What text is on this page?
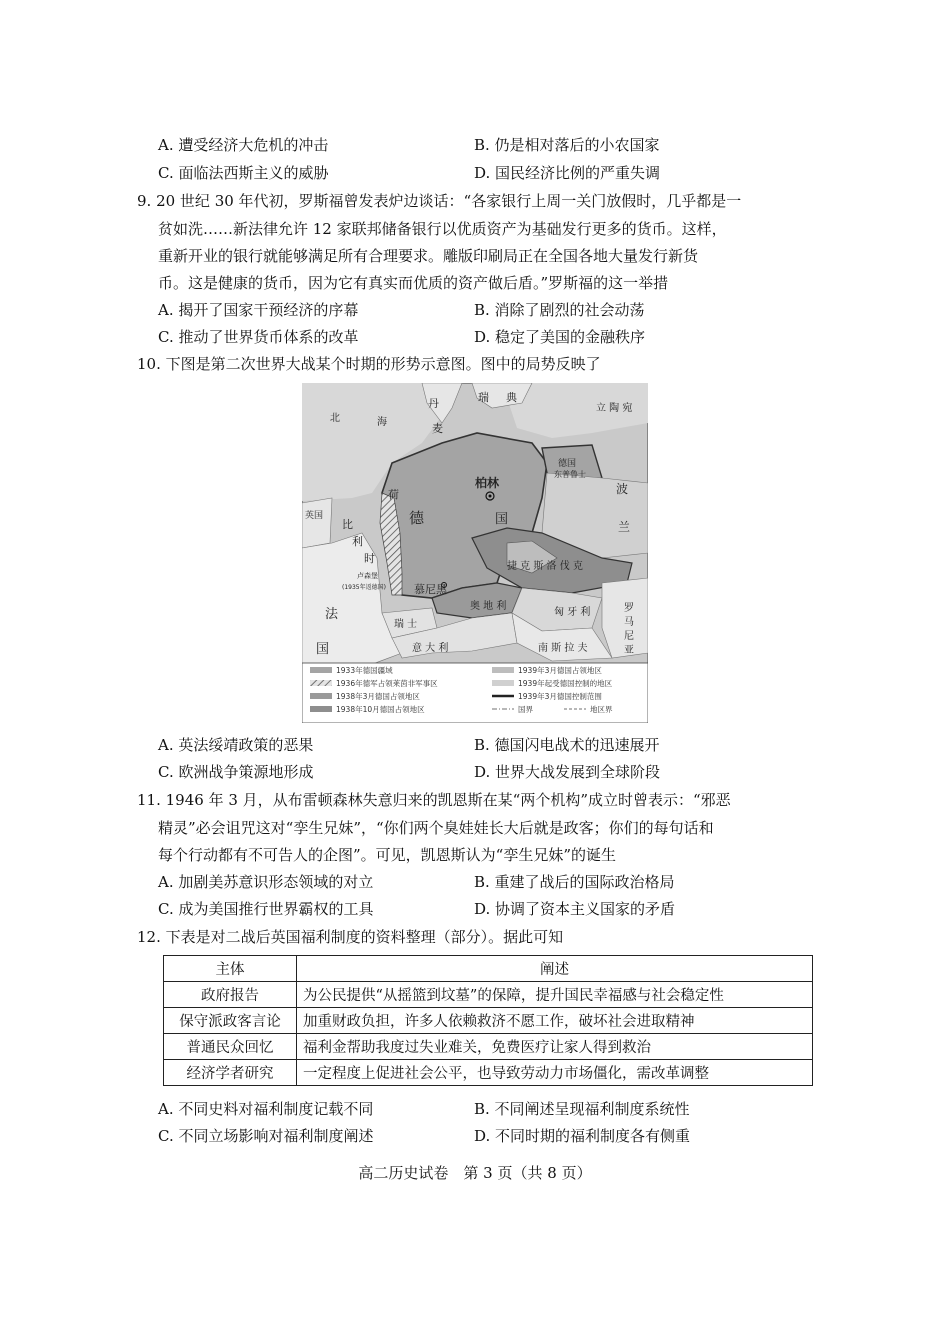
A. 遭受经济大危机的冲击	B. 仍是相对落后的小农国家
C. 面临法西斯主义的威胁	D. 国民经济比例的严重失调
9. 20 世纪 30 年代初，罗斯福曾发表炉边谈话：“各家银行上周一关门放假时，几乎都是一
贫如洗……新法律允许 12 家联邦储备银行以优质资产为基础发行更多的货币。这样，
重新开业的银行就能够满足所有合理要求。雕版印刷局正在全国各地大量发行新货
币。这是健康的货币，因为它有真实而优质的资产做后盾。”罗斯福的这一举措
A. 揭开了国家干预经济的序幕	B. 消除了剧烈的社会动荡
C. 推动了世界货币体系的改革	D. 稳定了美国的金融秩序
10. 下图是第二次世界大战某个时期的形势示意图。图中的局势反映了
北	海
丹
麦
瑞 典
立 陶 宛
德国
东普鲁士
波
兰
英国
荷
德	国
柏林
比
利
时
卢森堡
(1935年返德国)
法
国
慕尼黑
捷 克 斯 洛 伐 克
奥 地 利
匈 牙 利	罗
马
尼
亚
瑞 士
意 大 利	南 斯 拉 夫
1933年德国疆域
1936年德军占领莱茵非军事区
1938年3月德国占领地区
1938年10月德国占领地区
1939年3月德国占领地区
1939年起受德国控制的地区
1939年3月德国控制范围
国界	地区界
A. 英法绥靖政策的恶果	B. 德国闪电战术的迅速展开
C. 欧洲战争策源地形成	D. 世界大战发展到全球阶段
11. 1946 年 3 月，从布雷顿森林失意归来的凯恩斯在某“两个机构”成立时曾表示：“邪恶
精灵”必会诅咒这对“孪生兄妹”，“你们两个臭娃娃长大后就是政客；你们的每句话和
每个行动都有不可告人的企图”。可见，凯恩斯认为“孪生兄妹”的诞生
A. 加剧美苏意识形态领域的对立	B. 重建了战后的国际政治格局
C. 成为美国推行世界霸权的工具	D. 协调了资本主义国家的矛盾
12. 下表是对二战后英国福利制度的资料整理（部分）。据此可知
主体	阐述
政府报告	为公民提供“从摇篮到坟墓”的保障，提升国民幸福感与社会稳定性
保守派政客言论	加重财政负担，许多人依赖救济不愿工作，破坏社会进取精神
普通民众回忆	福利金帮助我度过失业难关，免费医疗让家人得到救治
经济学者研究	一定程度上促进社会公平，也导致劳动力市场僵化，需改革调整
A. 不同史料对福利制度记载不同	B. 不同阐述呈现福利制度系统性
C. 不同立场影响对福利制度阐述	D. 不同时期的福利制度各有侧重
高二历史试卷　第 3 页（共 8 页）
